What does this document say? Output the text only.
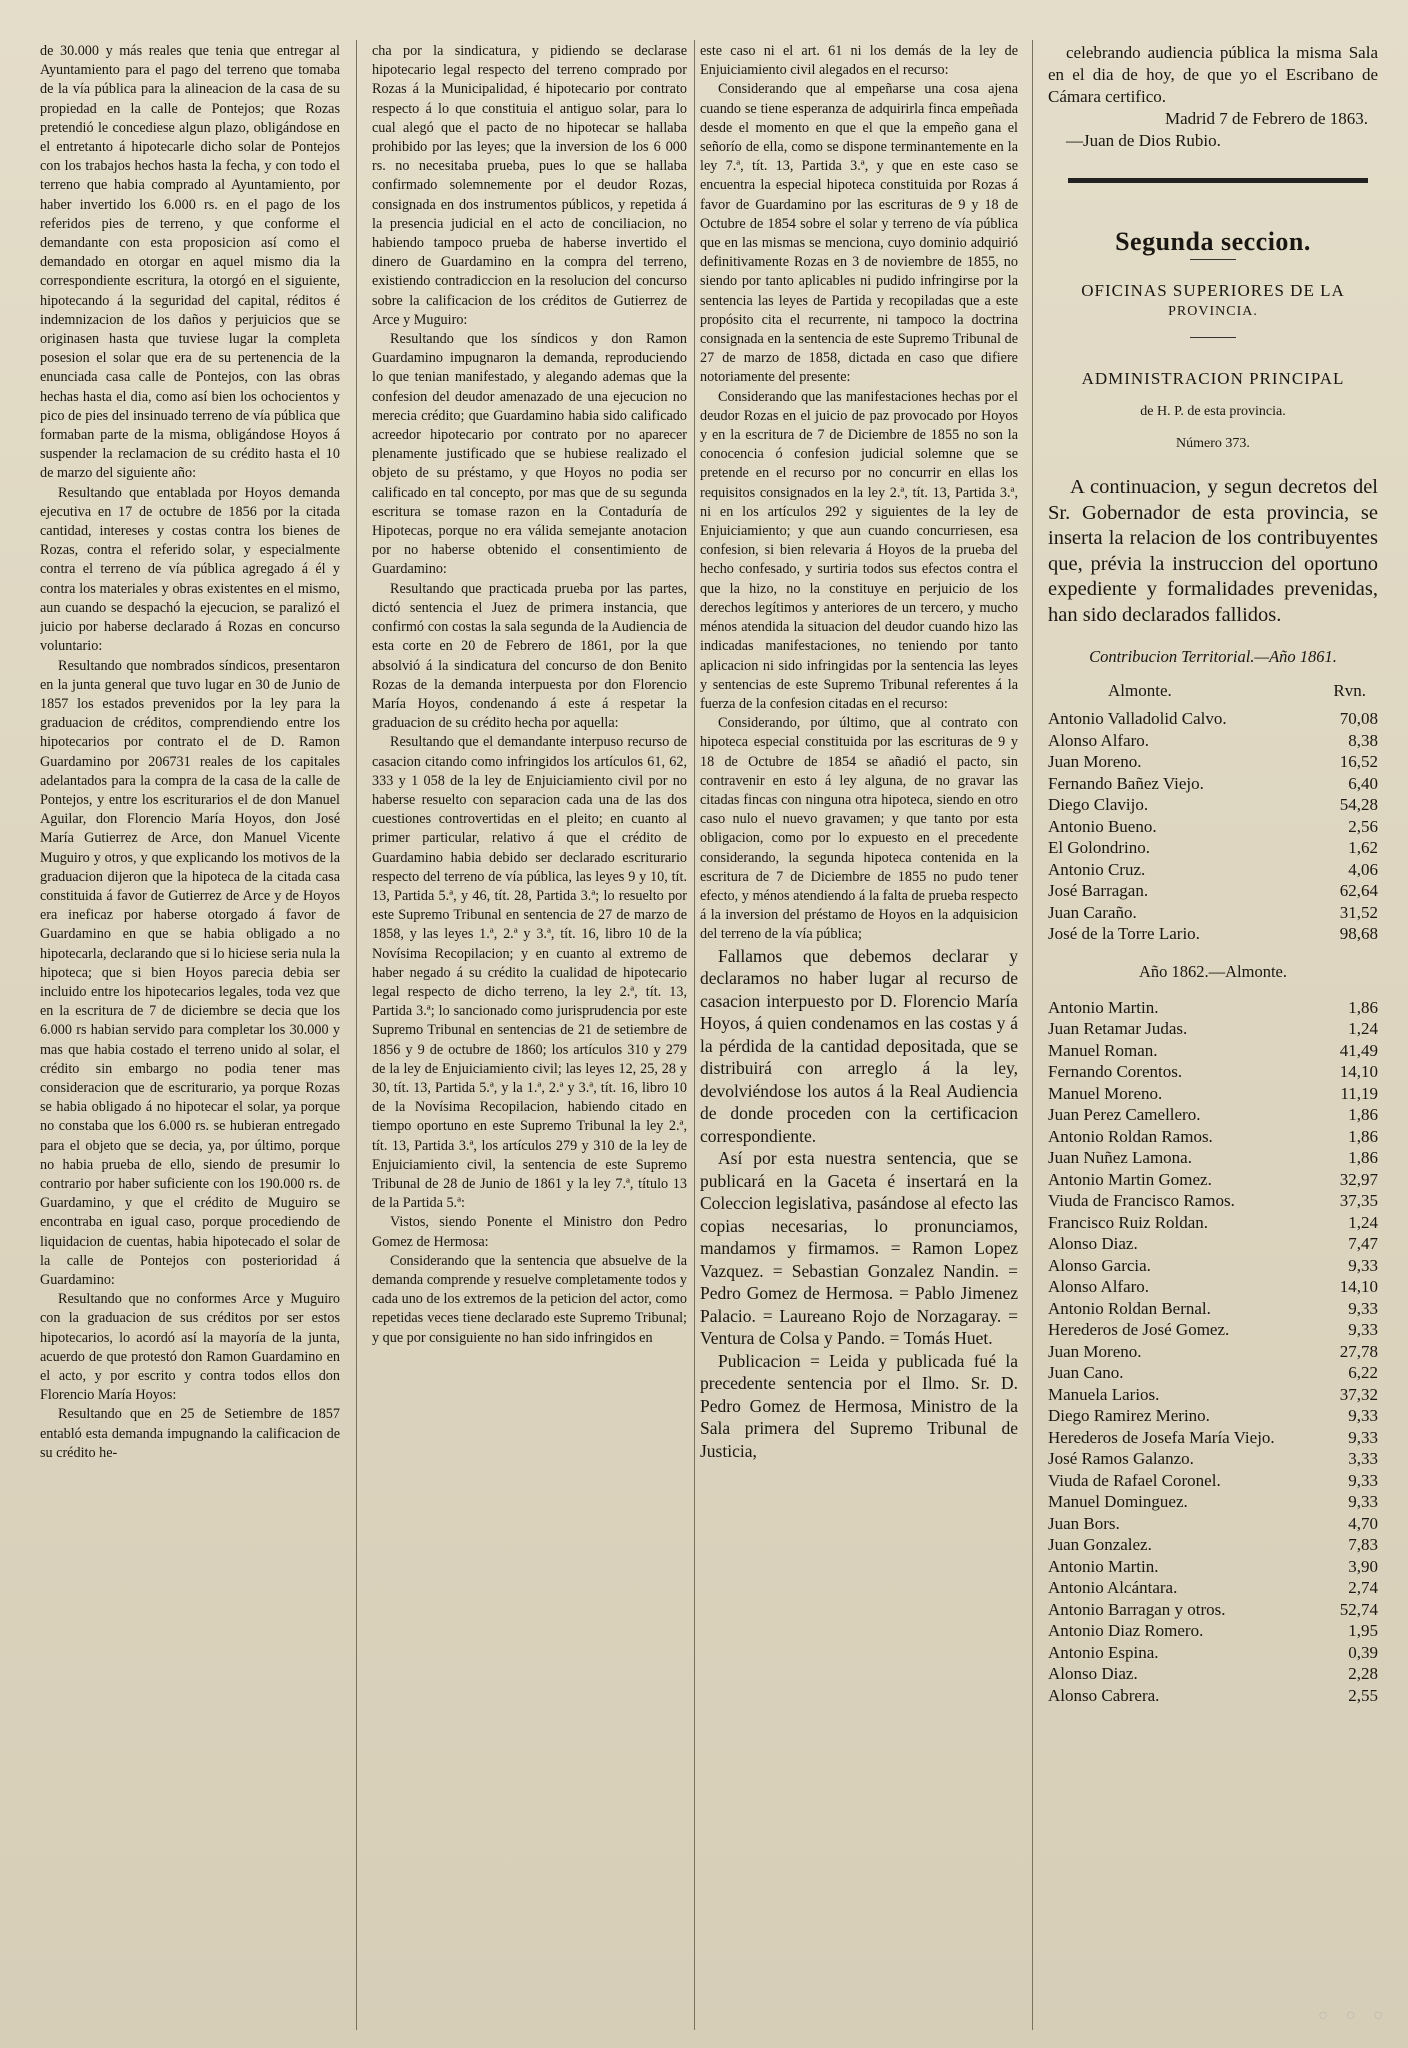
de 30.000 y más reales que tenia que entregar al Ayuntamiento para el pago del terreno que tomaba de la vía pública para la alineacion de la casa de su propiedad en la calle de Pontejos; que Rozas pretendió le concediese algun plazo, obligándose en el entretanto á hipotecarle dicho solar de Pontejos con los trabajos hechos hasta la fecha, y con todo el terreno que habia comprado al Ayuntamiento, por haber invertido los 6.000 rs. en el pago de los referidos pies de terreno, y que conforme el demandante con esta proposicion así como el demandado en otorgar en aquel mismo dia la correspondiente escritura, la otorgó en el siguiente, hipotecando á la seguridad del capital, réditos é indemnizacion de los daños y perjuicios que se originasen hasta que tuviese lugar la completa posesion el solar que era de su pertenencia de la enunciada casa calle de Pontejos, con las obras hechas hasta el dia, como así bien los ochocientos y pico de pies del insinuado terreno de vía pública que formaban parte de la misma, obligándose Hoyos á suspender la reclamacion de su crédito hasta el 10 de marzo del siguiente año:

Resultando que entablada por Hoyos demanda ejecutiva en 17 de octubre de 1856 por la citada cantidad, intereses y costas contra los bienes de Rozas, contra el referido solar, y especialmente contra el terreno de vía pública agregado á él y contra los materiales y obras existentes en el mismo, aun cuando se despachó la ejecucion, se paralizó el juicio por haberse declarado á Rozas en concurso voluntario:

Resultando que nombrados síndicos, presentaron en la junta general que tuvo lugar en 30 de Junio de 1857 los estados prevenidos por la ley para la graduacion de créditos, comprendiendo entre los hipotecarios por contrato el de D. Ramon Guardamino por 206731 reales de los capitales adelantados para la compra de la casa de la calle de Pontejos, y entre los escriturarios el de don Manuel Aguilar, don Florencio María Hoyos, don José María Gutierrez de Arce, don Manuel Vicente Muguiro y otros, y que explicando los motivos de la graduacion dijeron que la hipoteca de la citada casa constituida á favor de Gutierrez de Arce y de Hoyos era ineficaz por haberse otorgado á favor de Guardamino en que se habia obligado a no hipotecarla, declarando que si lo hiciese seria nula la hipoteca; que si bien Hoyos parecia debia ser incluido entre los hipotecarios legales, toda vez que en la escritura de 7 de diciembre se decia que los 6.000 rs habian servido para completar los 30.000 y mas que habia costado el terreno unido al solar, el crédito sin embargo no podia tener mas consideracion que de escriturario, ya porque Rozas se habia obligado á no hipotecar el solar, ya porque no constaba que los 6.000 rs. se hubieran entregado para el objeto que se decia, ya, por último, porque no habia prueba de ello, siendo de presumir lo contrario por haber suficiente con los 190.000 rs. de Guardamino, y que el crédito de Muguiro se encontraba en igual caso, porque procediendo de liquidacion de cuentas, habia hipotecado el solar de la calle de Pontejos con posterioridad á Guardamino:

Resultando que no conformes Arce y Muguiro con la graduacion de sus créditos por ser estos hipotecarios, lo acordó así la mayoría de la junta, acuerdo de que protestó don Ramon Guardamino en el acto, y por escrito y contra todos ellos don Florencio María Hoyos:

Resultando que en 25 de Setiembre de 1857 entabló esta demanda impugnando la calificacion de su crédito he-

cha por la sindicatura, y pidiendo se declarase hipotecario legal respecto del terreno comprado por Rozas á la Municipalidad, é hipotecario por contrato respecto á lo que constituia el antiguo solar, para lo cual alegó que el pacto de no hipotecar se hallaba prohibido por las leyes; que la inversion de los 6 000 rs. no necesitaba prueba, pues lo que se hallaba confirmado solemnemente por el deudor Rozas, consignada en dos instrumentos públicos, y repetida á la presencia judicial en el acto de conciliacion, no habiendo tampoco prueba de haberse invertido el dinero de Guardamino en la compra del terreno, existiendo contradiccion en la resolucion del concurso sobre la calificacion de los créditos de Gutierrez de Arce y Muguiro:

Resultando que los síndicos y don Ramon Guardamino impugnaron la demanda, reproduciendo lo que tenian manifestado, y alegando ademas que la confesion del deudor amenazado de una ejecucion no merecia crédito; que Guardamino habia sido calificado acreedor hipotecario por contrato por no aparecer plenamente justificado que se hubiese realizado el objeto de su préstamo, y que Hoyos no podia ser calificado en tal concepto, por mas que de su segunda escritura se tomase razon en la Contaduría de Hipotecas, porque no era válida semejante anotacion por no haberse obtenido el consentimiento de Guardamino:

Resultando que practicada prueba por las partes, dictó sentencia el Juez de primera instancia, que confirmó con costas la sala segunda de la Audiencia de esta corte en 20 de Febrero de 1861, por la que absolvió á la sindicatura del concurso de don Benito Rozas de la demanda interpuesta por don Florencio María Hoyos, condenando á este á respetar la graduacion de su crédito hecha por aquella:

Resultando que el demandante interpuso recurso de casacion citando como infringidos los artículos 61, 62, 333 y 1 058 de la ley de Enjuiciamiento civil por no haberse resuelto con separacion cada una de las dos cuestiones controvertidas en el pleito; en cuanto al primer particular, relativo á que el crédito de Guardamino habia debido ser declarado escriturario respecto del terreno de vía pública, las leyes 9 y 10, tít. 13, Partida 5.ª, y 46, tít. 28, Partida 3.ª; lo resuelto por este Supremo Tribunal en sentencia de 27 de marzo de 1858, y las leyes 1.ª, 2.ª y 3.ª, tít. 16, libro 10 de la Novísima Recopilacion; y en cuanto al extremo de haber negado á su crédito la cualidad de hipotecario legal respecto de dicho terreno, la ley 2.ª, tít. 13, Partida 3.ª; lo sancionado como jurisprudencia por este Supremo Tribunal en sentencias de 21 de setiembre de 1856 y 9 de octubre de 1860; los artículos 310 y 279 de la ley de Enjuiciamiento civil; las leyes 12, 25, 28 y 30, tít. 13, Partida 5.ª, y la 1.ª, 2.ª y 3.ª, tít. 16, libro 10 de la Novísima Recopilacion, habiendo citado en tiempo oportuno en este Supremo Tribunal la ley 2.ª, tít. 13, Partida 3.ª, los artículos 279 y 310 de la ley de Enjuiciamiento civil, la sentencia de este Supremo Tribunal de 28 de Junio de 1861 y la ley 7.ª, título 13 de la Partida 5.ª:

Vistos, siendo Ponente el Ministro don Pedro Gomez de Hermosa:

Considerando que la sentencia que absuelve de la demanda comprende y resuelve completamente todos y cada uno de los extremos de la peticion del actor, como repetidas veces tiene declarado este Supremo Tribunal; y que por consiguiente no han sido infringidos en

este caso ni el art. 61 ni los demás de la ley de Enjuiciamiento civil alegados en el recurso:

Considerando que al empeñarse una cosa ajena cuando se tiene esperanza de adquirirla finca empeñada desde el momento en que el que la empeño gana el señorío de ella, como se dispone terminantemente en la ley 7.ª, tít. 13, Partida 3.ª, y que en este caso se encuentra la especial hipoteca constituida por Rozas á favor de Guardamino por las escrituras de 9 y 18 de Octubre de 1854 sobre el solar y terreno de vía pública que en las mismas se menciona, cuyo dominio adquirió definitivamente Rozas en 3 de noviembre de 1855, no siendo por tanto aplicables ni pudido infringirse por la sentencia las leyes de Partida y recopiladas que a este propósito cita el recurrente, ni tampoco la doctrina consignada en la sentencia de este Supremo Tribunal de 27 de marzo de 1858, dictada en caso que difiere notoriamente del presente:

Considerando que las manifestaciones hechas por el deudor Rozas en el juicio de paz provocado por Hoyos y en la escritura de 7 de Diciembre de 1855 no son la conocencia ó confesion judicial solemne que se pretende en el recurso por no concurrir en ellas los requisitos consignados en la ley 2.ª, tít. 13, Partida 3.ª, ni en los artículos 292 y siguientes de la ley de Enjuiciamiento; y que aun cuando concurriesen, esa confesion, si bien relevaria á Hoyos de la prueba del hecho confesado, y surtiria todos sus efectos contra el que la hizo, no la constituye en perjuicio de los derechos legítimos y anteriores de un tercero, y mucho ménos atendida la situacion del deudor cuando hizo las indicadas manifestaciones, no teniendo por tanto aplicacion ni sido infringidas por la sentencia las leyes y sentencias de este Supremo Tribunal referentes á la fuerza de la confesion citadas en el recurso:

Considerando, por último, que al contrato con hipoteca especial constituida por las escrituras de 9 y 18 de Octubre de 1854 se añadió el pacto, sin contravenir en esto á ley alguna, de no gravar las citadas fincas con ninguna otra hipoteca, siendo en otro caso nulo el nuevo gravamen; y que tanto por esta obligacion, como por lo expuesto en el precedente considerando, la segunda hipoteca contenida en la escritura de 7 de Diciembre de 1855 no pudo tener efecto, y ménos atendiendo á la falta de prueba respecto á la inversion del préstamo de Hoyos en la adquisicion del terreno de la vía pública;

Fallamos que debemos declarar y declaramos no haber lugar al recurso de casacion interpuesto por D. Florencio María Hoyos, á quien condenamos en las costas y á la pérdida de la cantidad depositada, que se distribuirá con arreglo á la ley, devolviéndose los autos á la Real Audiencia de donde proceden con la certificacion correspondiente.

Así por esta nuestra sentencia, que se publicará en la Gaceta é insertará en la Coleccion legislativa, pasándose al efecto las copias necesarias, lo pronunciamos, mandamos y firmamos. = Ramon Lopez Vazquez. = Sebastian Gonzalez Nandin. = Pedro Gomez de Hermosa. = Pablo Jimenez Palacio. = Laureano Rojo de Norzagaray. = Ventura de Colsa y Pando. = Tomás Huet.

Publicacion = Leida y publicada fué la precedente sentencia por el Ilmo. Sr. D. Pedro Gomez de Hermosa, Ministro de la Sala primera del Supremo Tribunal de Justicia,

celebrando audiencia pública la misma Sala en el dia de hoy, de que yo el Escribano de Cámara certifico.

Madrid 7 de Febrero de 1863.

—Juan de Dios Rubio.

Segunda seccion.
OFICINAS SUPERIORES DE LA
PROVINCIA.
ADMINISTRACION PRINCIPAL
de H. P. de esta provincia.
Número 373.

A continuacion, y segun decretos del Sr. Gobernador de esta provincia, se inserta la relacion de los contribuyentes que, prévia la instruccion del oportuno expediente y formalidades prevenidas, han sido declarados fallidos.

Contribucion Territorial.—Año 1861.
Almonte.	Rvn.
Antonio Valladolid Calvo.	70,08
Alonso Alfaro.	8,38
Juan Moreno.	16,52
Fernando Bañez Viejo.	6,40
Diego Clavijo.	54,28
Antonio Bueno.	2,56
El Golondrino.	1,62
Antonio Cruz.	4,06
José Barragan.	62,64
Juan Caraño.	31,52
José de la Torre Lario.	98,68
Año 1862.—Almonte.
Antonio Martin.	1,86
Juan Retamar Judas.	1,24
Manuel Roman.	41,49
Fernando Corentos.	14,10
Manuel Moreno.	11,19
Juan Perez Camellero.	1,86
Antonio Roldan Ramos.	1,86
Juan Nuñez Lamona.	1,86
Antonio Martin Gomez.	32,97
Viuda de Francisco Ramos.	37,35
Francisco Ruiz Roldan.	1,24
Alonso Diaz.	7,47
Alonso Garcia.	9,33
Alonso Alfaro.	14,10
Antonio Roldan Bernal.	9,33
Herederos de José Gomez.	9,33
Juan Moreno.	27,78
Juan Cano.	6,22
Manuela Larios.	37,32
Diego Ramirez Merino.	9,33
Herederos de Josefa María Viejo.	9,33
José Ramos Galanzo.	3,33
Viuda de Rafael Coronel.	9,33
Manuel Dominguez.	9,33
Juan Bors.	4,70
Juan Gonzalez.	7,83
Antonio Martin.	3,90
Antonio Alcántara.	2,74
Antonio Barragan y otros.	52,74
Antonio Diaz Romero.	1,95
Antonio Espina.	0,39
Alonso Diaz.	2,28
Alonso Cabrera.	2,55
◦ ◦ ◦
